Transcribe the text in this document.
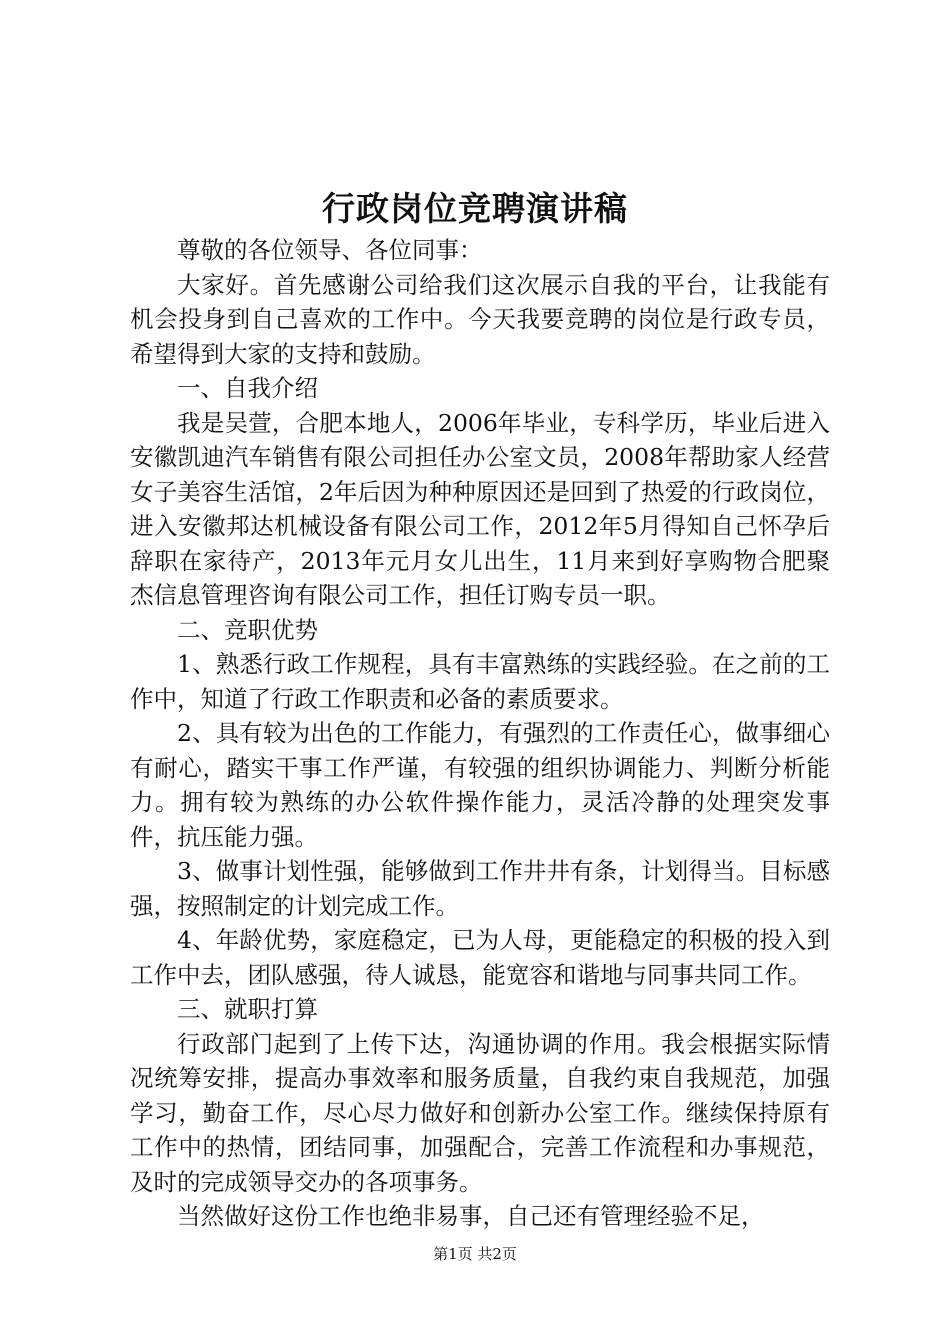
行政岗位竞聘演讲稿

尊敬的各位领导、各位同事：

大家好。首先感谢公司给我们这次展示自我的平台，让我能有机会投身到自己喜欢的工作中。今天我要竞聘的岗位是行政专员，希望得到大家的支持和鼓励。

一、自我介绍

我是吴萱，合肥本地人，2006年毕业，专科学历，毕业后进入安徽凯迪汽车销售有限公司担任办公室文员，2008年帮助家人经营女子美容生活馆，2年后因为种种原因还是回到了热爱的行政岗位，进入安徽邦达机械设备有限公司工作，2012年5月得知自己怀孕后辞职在家待产，2013年元月女儿出生，11月来到好享购物合肥聚杰信息管理咨询有限公司工作，担任订购专员一职。

二、竞职优势

1、熟悉行政工作规程，具有丰富熟练的实践经验。在之前的工作中，知道了行政工作职责和必备的素质要求。

2、具有较为出色的工作能力，有强烈的工作责任心，做事细心有耐心，踏实干事工作严谨，有较强的组织协调能力、判断分析能力。拥有较为熟练的办公软件操作能力，灵活冷静的处理突发事件，抗压能力强。

3、做事计划性强，能够做到工作井井有条，计划得当。目标感强，按照制定的计划完成工作。

4、年龄优势，家庭稳定，已为人母，更能稳定的积极的投入到工作中去，团队感强，待人诚恳，能宽容和谐地与同事共同工作。

三、就职打算

行政部门起到了上传下达，沟通协调的作用。我会根据实际情况统筹安排，提高办事效率和服务质量，自我约束自我规范，加强学习，勤奋工作，尽心尽力做好和创新办公室工作。继续保持原有工作中的热情，团结同事，加强配合，完善工作流程和办事规范，及时的完成领导交办的各项事务。

当然做好这份工作也绝非易事，自己还有管理经验不足，

第1页 共2页
